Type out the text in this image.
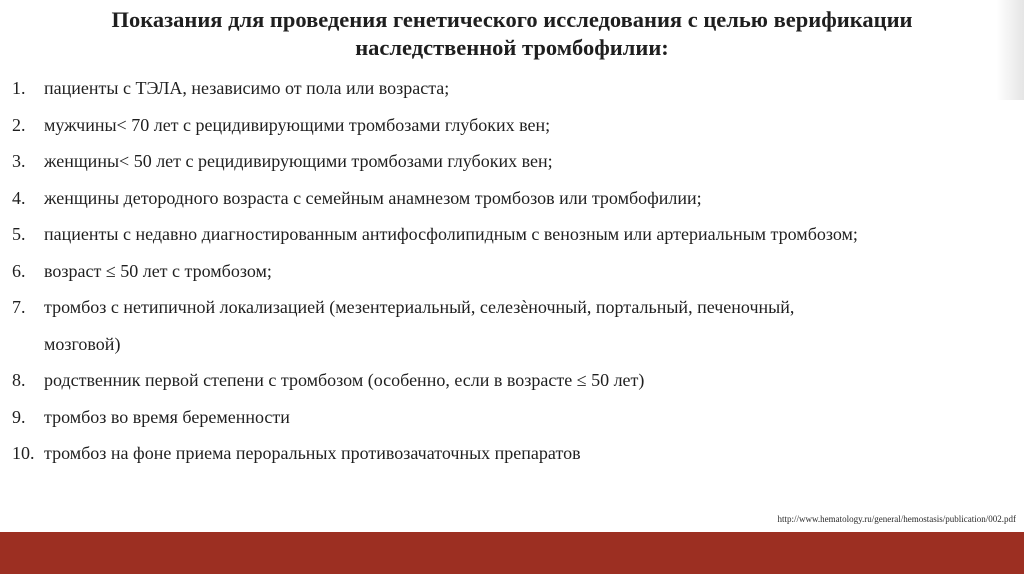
Показания для проведения генетического исследования с целью верификации наследственной тромбофилии:
1.	пациенты с ТЭЛА, независимо от пола или возраста;
2.	мужчины< 70 лет с рецидивирующими тромбозами глубоких вен;
3.	женщины< 50 лет с рецидивирующими тромбозами глубоких вен;
4.	женщины детородного возраста с семейным анамнезом тромбозов или тромбофилии;
5.	пациенты с недавно диагностированным антифосфолипидным с венозным или артериальным тромбозом;
6.	возраст ≤ 50 лет с тромбозом;
7.	тромбоз с нетипичной локализацией (мезентериальный, селезѐночный, портальный, печеночный,
мозговой)
8.	родственник первой степени с тромбозом (особенно, если в возрасте ≤ 50 лет)
9.	тромбоз во время беременности
10. тромбоз на фоне приема пероральных противозачаточных препаратов
http://www.hematology.ru/general/hemostasis/publication/002.pdf
